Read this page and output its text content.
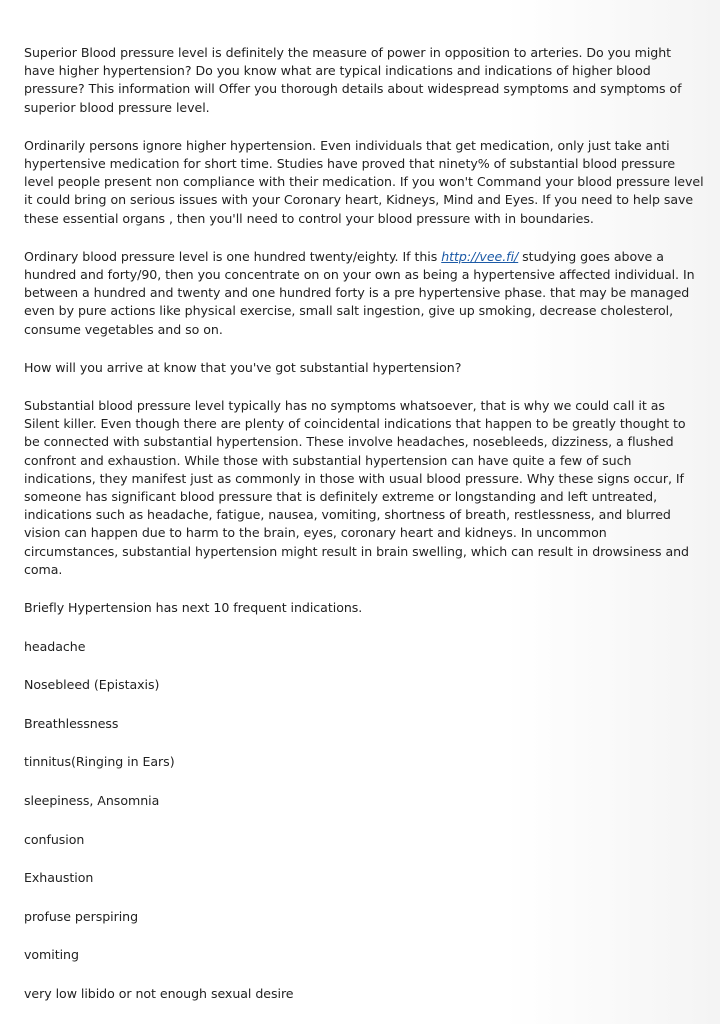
Superior Blood pressure level is definitely the measure of power in opposition to arteries. Do you might have higher hypertension? Do you know what are typical indications and indications of higher blood pressure? This information will Offer you thorough details about widespread symptoms and symptoms of superior blood pressure level.

Ordinarily persons ignore higher hypertension. Even individuals that get medication, only just take anti hypertensive medication for short time. Studies have proved that ninety% of substantial blood pressure level people present non compliance with their medication. If you won't Command your blood pressure level it could bring on serious issues with your Coronary heart, Kidneys, Mind and Eyes. If you need to help save these essential organs , then you'll need to control your blood pressure with in boundaries.

Ordinary blood pressure level is one hundred twenty/eighty. If this http://vee.fi/ studying goes above a hundred and forty/90, then you concentrate on on your own as being a hypertensive affected individual. In between a hundred and twenty and one hundred forty is a pre hypertensive phase. that may be managed even by pure actions like physical exercise, small salt ingestion, give up smoking, decrease cholesterol, consume vegetables and so on.

How will you arrive at know that you've got substantial hypertension?

Substantial blood pressure level typically has no symptoms whatsoever, that is why we could call it as Silent killer. Even though there are plenty of coincidental indications that happen to be greatly thought to be connected with substantial hypertension. These involve headaches, nosebleeds, dizziness, a flushed confront and exhaustion. While those with substantial hypertension can have quite a few of such indications, they manifest just as commonly in those with usual blood pressure. Why these signs occur, If someone has significant blood pressure that is definitely extreme or longstanding and left untreated, indications such as headache, fatigue, nausea, vomiting, shortness of breath, restlessness, and blurred vision can happen due to harm to the brain, eyes, coronary heart and kidneys. In uncommon circumstances, substantial hypertension might result in brain swelling, which can result in drowsiness and coma.

Briefly Hypertension has next 10 frequent indications.

headache

Nosebleed (Epistaxis)

Breathlessness

tinnitus(Ringing in Ears)

sleepiness, Ansomnia

confusion

Exhaustion

profuse perspiring

vomiting

very low libido or not enough sexual desire
